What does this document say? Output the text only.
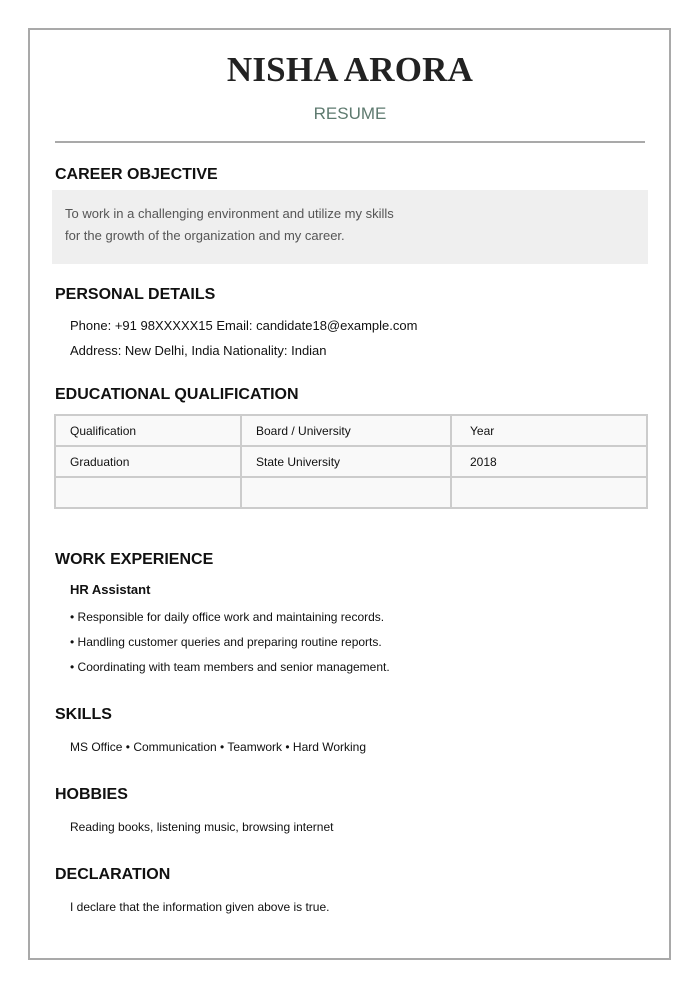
NISHA ARORA
RESUME
CAREER OBJECTIVE
To work in a challenging environment and utilize my skills
for the growth of the organization and my career.
PERSONAL DETAILS
Phone: +91 98XXXXX15 Email: candidate18@example.com
Address: New Delhi, India Nationality: Indian
EDUCATIONAL QUALIFICATION
Qualification	Board / University	Year
Graduation	State University	2018

WORK EXPERIENCE
HR Assistant
• Responsible for daily office work and maintaining records.
• Handling customer queries and preparing routine reports.
• Coordinating with team members and senior management.
SKILLS
MS Office • Communication • Teamwork • Hard Working
HOBBIES
Reading books, listening music, browsing internet
DECLARATION
I declare that the information given above is true.
